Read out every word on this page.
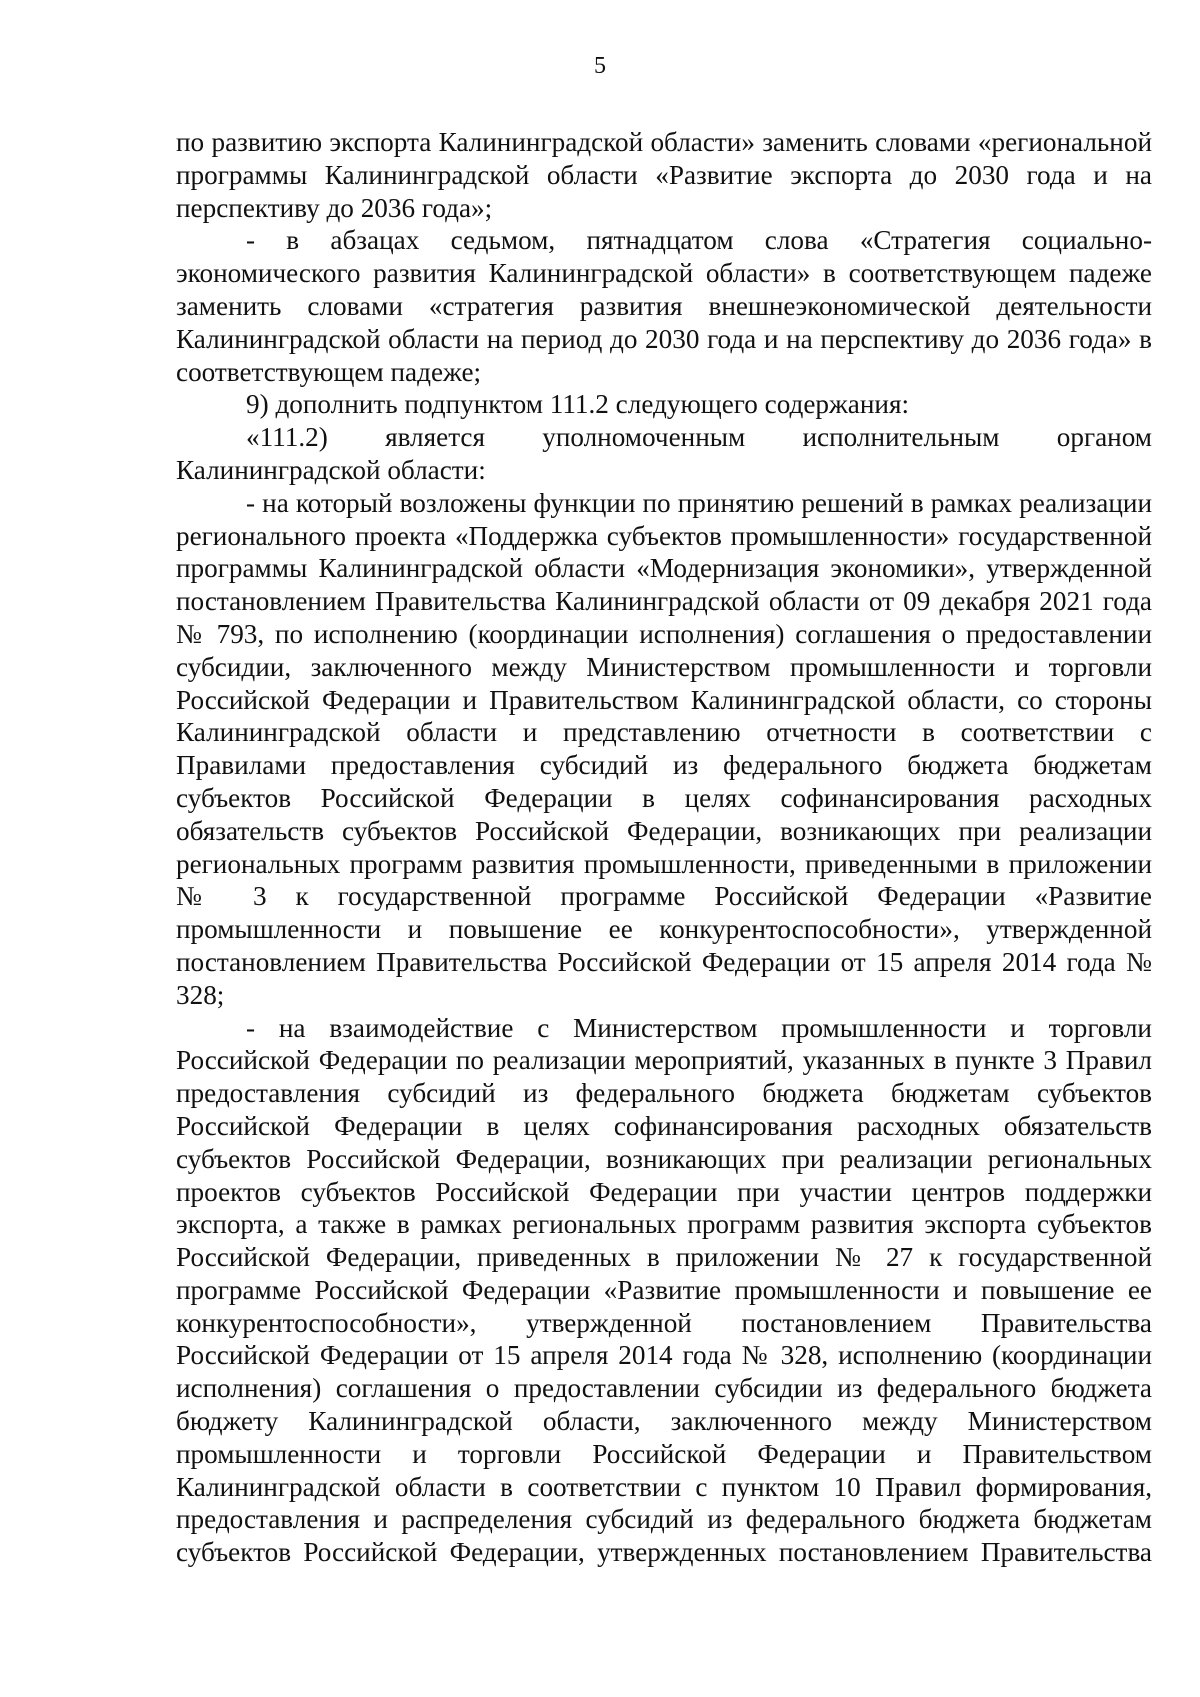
5

по развитию экспорта Калининградской области» заменить словами «региональной программы Калининградской области «Развитие экспорта до 2030 года и на перспективу до 2036 года»;

- в абзацах седьмом, пятнадцатом слова «Стратегия социально-экономического развития Калининградской области» в соответствующем падеже заменить словами «стратегия развития внешнеэкономической деятельности Калининградской области на период до 2030 года и на перспективу до 2036 года» в соответствующем падеже;

9) дополнить подпунктом 111.2 следующего содержания:

«111.2) является уполномоченным исполнительным органом Калининградской области:

- на который возложены функции по принятию решений в рамках реализации регионального проекта «Поддержка субъектов промышленности» государственной программы Калининградской области «Модернизация экономики», утвержденной постановлением Правительства Калининградской области от 09 декабря 2021 года № 793, по исполнению (координации исполнения) соглашения о предоставлении субсидии, заключенного между Министерством промышленности и торговли Российской Федерации и Правительством Калининградской области, со стороны Калининградской области и представлению отчетности в соответствии с Правилами предоставления субсидий из федерального бюджета бюджетам субъектов Российской Федерации в целях софинансирования расходных обязательств субъектов Российской Федерации, возникающих при реализации региональных программ развития промышленности, приведенными в приложении № 3 к государственной программе Российской Федерации «Развитие промышленности и повышение ее конкурентоспособности», утвержденной постановлением Правительства Российской Федерации от 15 апреля 2014 года № 328;

- на взаимодействие с Министерством промышленности и торговли Российской Федерации по реализации мероприятий, указанных в пункте 3 Правил предоставления субсидий из федерального бюджета бюджетам субъектов Российской Федерации в целях софинансирования расходных обязательств субъектов Российской Федерации, возникающих при реализации региональных проектов субъектов Российской Федерации при участии центров поддержки экспорта, а также в рамках региональных программ развития экспорта субъектов Российской Федерации, приведенных в приложении № 27 к государственной программе Российской Федерации «Развитие промышленности и повышение ее конкурентоспособности», утвержденной постановлением Правительства Российской Федерации от 15 апреля 2014 года № 328, исполнению (координации исполнения) соглашения о предоставлении субсидии из федерального бюджета бюджету Калининградской области, заключенного между Министерством промышленности и торговли Российской Федерации и Правительством Калининградской области в соответствии с пунктом 10 Правил формирования, предоставления и распределения субсидий из федерального бюджета бюджетам субъектов Российской Федерации, утвержденных постановлением Правительства
